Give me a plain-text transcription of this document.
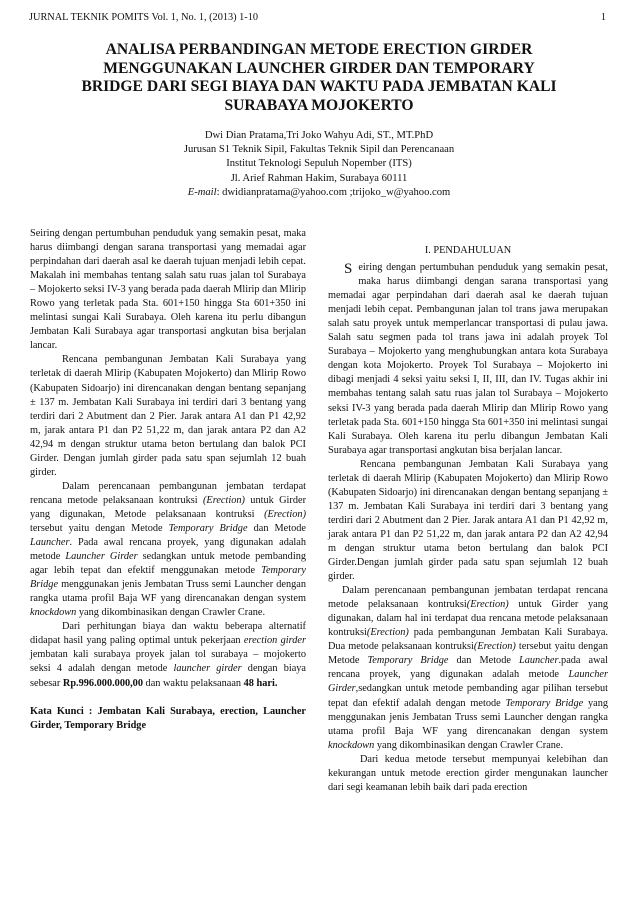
JURNAL TEKNIK POMITS Vol. 1, No. 1, (2013) 1-10	1
ANALISA PERBANDINGAN METODE ERECTION GIRDER
MENGGUNAKAN LAUNCHER GIRDER DAN TEMPORARY
BRIDGE DARI SEGI BIAYA DAN WAKTU PADA JEMBATAN KALI
SURABAYA MOJOKERTO
Dwi Dian Pratama,Tri Joko Wahyu Adi, ST., MT.PhD
Jurusan S1 Teknik Sipil, Fakultas Teknik Sipil dan Perencanaan
Institut Teknologi Sepuluh Nopember (ITS)
Jl. Arief Rahman Hakim, Surabaya 60111
E-mail: dwidianpratama@yahoo.com ;trijoko_w@yahoo.com

Seiring dengan pertumbuhan penduduk yang semakin pesat, maka harus diimbangi dengan sarana transportasi yang memadai agar perpindahan dari daerah asal ke daerah tujuan menjadi lebih cepat. Makalah ini membahas tentang salah satu ruas jalan tol Surabaya – Mojokerto seksi IV-3 yang berada pada daerah Mlirip dan Mlirip Rowo yang terletak pada Sta. 601+150 hingga Sta 601+350 ini melintasi sungai Kali Surabaya. Oleh karena itu perlu dibangun Jembatan Kali Surabaya agar transportasi angkutan bisa berjalan lancar.

Rencana pembangunan Jembatan Kali Surabaya yang terletak di daerah Mlirip (Kabupaten Mojokerto) dan Mlirip Rowo (Kabupaten Sidoarjo) ini direncanakan dengan bentang sepanjang ± 137 m. Jembatan Kali Surabaya ini terdiri dari 3 bentang yang terdiri dari 2 Abutment dan 2 Pier. Jarak antara A1 dan P1 42,92 m, jarak antara P1 dan P2 51,22 m, dan jarak antara P2 dan A2 42,94 m dengan struktur utama beton bertulang dan balok PCI Girder. Dengan jumlah girder pada satu span sejumlah 12 buah girder.

Dalam perencanaan pembangunan jembatan terdapat rencana metode pelaksanaan kontruksi (Erection) untuk Girder yang digunakan, Metode pelaksanaan kontruksi (Erection) tersebut yaitu dengan Metode Temporary Bridge dan Metode Launcher. Pada awal rencana proyek, yang digunakan adalah metode Launcher Girder sedangkan untuk metode pembanding agar lebih tepat dan efektif menggunakan metode Temporary Bridge menggunakan jenis Jembatan Truss semi Launcher dengan rangka utama profil Baja WF yang direncanakan dengan system knockdown yang dikombinasikan dengan Crawler Crane.

Dari perhitungan biaya dan waktu beberapa alternatif didapat hasil yang paling optimal untuk pekerjaan erection girder jembatan kali surabaya proyek jalan tol surabaya – mojokerto seksi 4 adalah dengan metode launcher girder dengan biaya sebesar Rp.996.000.000,00 dan waktu pelaksanaan 48 hari.

Kata Kunci : Jembatan Kali Surabaya, erection, Launcher Girder, Temporary Bridge

I. PENDAHULUAN

S eiring dengan pertumbuhan penduduk yang semakin pesat, maka harus diimbangi dengan sarana transportasi yang memadai agar perpindahan dari daerah asal ke daerah tujuan menjadi lebih cepat. Pembangunan jalan tol trans jawa merupakan salah satu proyek untuk memperlancar transportasi di pulau jawa. Salah satu segmen pada tol trans jawa ini adalah proyek Tol Surabaya – Mojokerto yang menghubungkan antara kota Surabaya dengan kota Mojokerto. Proyek Tol Surabaya – Mojokerto ini dibagi menjadi 4 seksi yaitu seksi I, II, III, dan IV. Tugas akhir ini membahas tentang salah satu ruas jalan tol Surabaya – Mojokerto seksi IV-3 yang berada pada daerah Mlirip dan Mlirip Rowo yang terletak pada Sta. 601+150 hingga Sta 601+350 ini melintasi sungai Kali Surabaya. Oleh karena itu perlu dibangun Jembatan Kali Surabaya agar transportasi angkutan bisa berjalan lancar.

Rencana pembangunan Jembatan Kali Surabaya yang terletak di daerah Mlirip (Kabupaten Mojokerto) dan Mlirip Rowo (Kabupaten Sidoarjo) ini direncanakan dengan bentang sepanjang ± 137 m. Jembatan Kali Surabaya ini terdiri dari 3 bentang yang terdiri dari 2 Abutment dan 2 Pier. Jarak antara A1 dan P1 42,92 m, jarak antara P1 dan P2 51,22 m, dan jarak antara P2 dan A2 42,94 m dengan struktur utama beton bertulang dan balok PCI Girder.Dengan jumlah girder pada satu span sejumlah 12 buah girder.

Dalam perencanaan pembangunan jembatan terdapat rencana metode pelaksanaan kontruksi(Erection) untuk Girder yang digunakan, dalam hal ini terdapat dua rencana metode pelaksanaan kontruksi(Erection) pada pembangunan Jembatan Kali Surabaya. Dua metode pelaksanaan kontruksi(Erection) tersebut yaitu dengan Metode Temporary Bridge dan Metode Launcher.pada awal rencana proyek, yang digunakan adalah metode Launcher Girder,sedangkan untuk metode pembanding agar pilihan tersebut tepat dan efektif adalah dengan metode Temporary Bridge yang menggunakan jenis Jembatan Truss semi Launcher dengan rangka utama profil Baja WF yang direncanakan dengan system knockdown yang dikombinasikan dengan Crawler Crane.

Dari kedua metode tersebut mempunyai kelebihan dan kekurangan untuk metode erection girder mengunakan launcher dari segi keamanan lebih baik dari pada erection
